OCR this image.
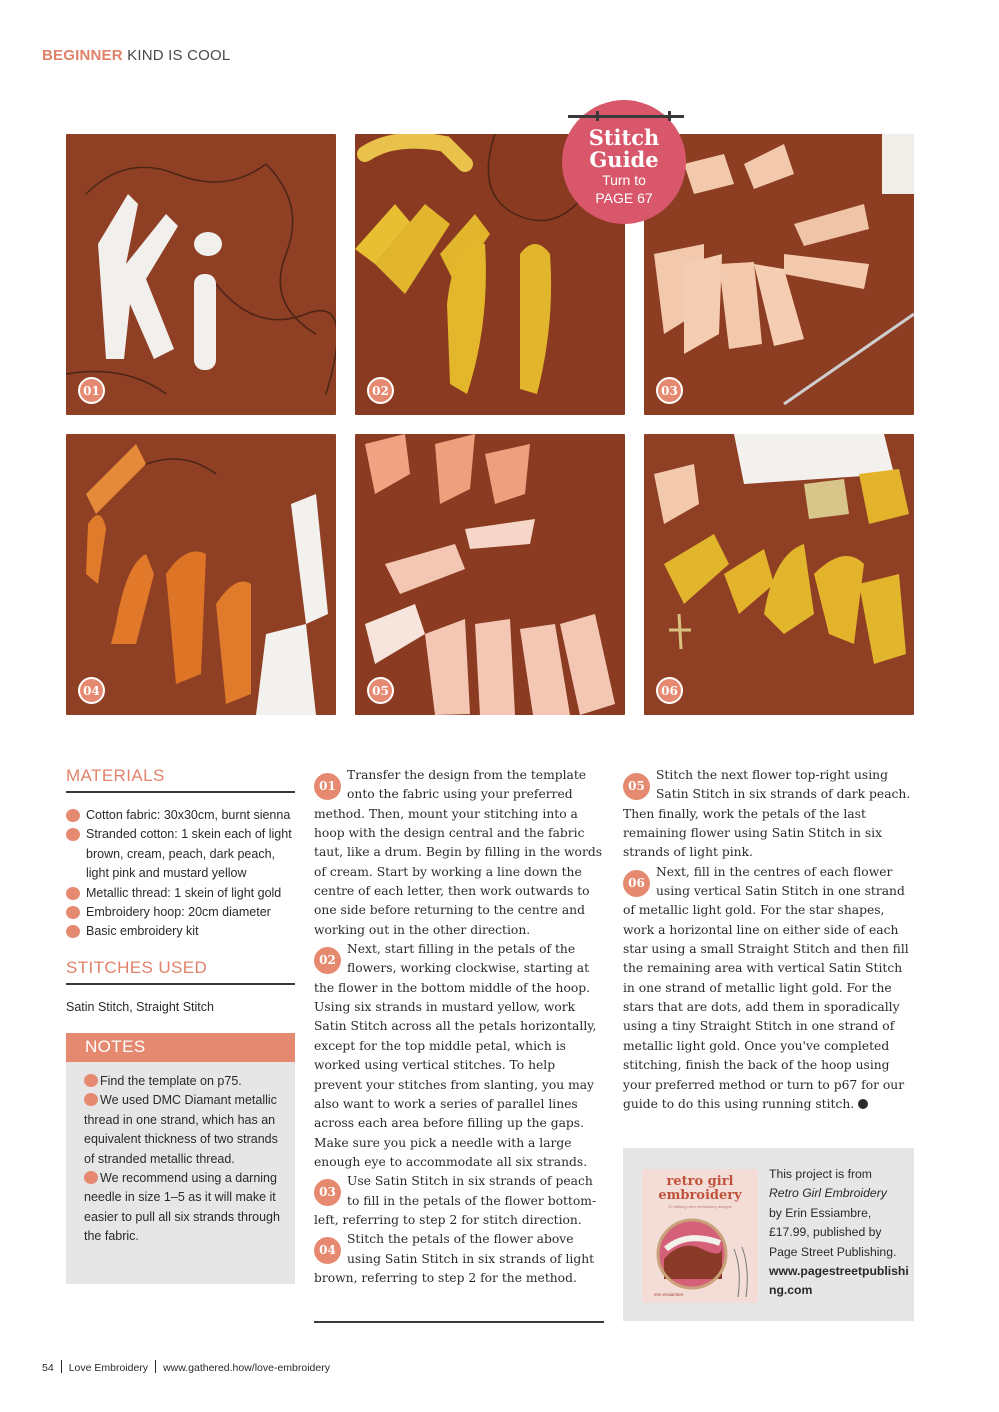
BEGINNER KIND IS COOL
01	02	03
04	05	06
Stitch
Guide
Turn to
PAGE 67
MATERIALS
Cotton fabric: 30x30cm, burnt sienna
Stranded cotton: 1 skein each of light brown, cream, peach, dark peach, light pink and mustard yellow
Metallic thread: 1 skein of light gold
Embroidery hoop: 20cm diameter
Basic embroidery kit
STITCHES USED
Satin Stitch, Straight Stitch
NOTES
Find the template on p75.
We used DMC Diamant metallic thread in one strand, which has an equivalent thickness of two strands of stranded metallic thread.
We recommend using a darning needle in size 1–5 as it will make it easier to pull all six strands through the fabric.

01
Transfer the design from the template onto the fabric using your preferred method. Then, mount your stitching into a hoop with the design central and the fabric taut, like a drum. Begin by filling in the words of cream. Start by working a line down the centre of each letter, then work outwards to one side before returning to the centre and working out in the other direction.

02
Next, start filling in the petals of the flowers, working clockwise, starting at the flower in the bottom middle of the hoop. Using six strands in mustard yellow, work Satin Stitch across all the petals horizontally, except for the top middle petal, which is worked using vertical stitches. To help prevent your stitches from slanting, you may also want to work a series of parallel lines across each area before filling up the gaps. Make sure you pick a needle with a large enough eye to accommodate all six strands.

03
Use Satin Stitch in six strands of peach to fill in the petals of the flower bottom-left, referring to step 2 for stitch direction.

04
Stitch the petals of the flower above using Satin Stitch in six strands of light brown, referring to step 2 for the method.

05
Stitch the next flower top-right using Satin Stitch in six strands of dark peach. Then finally, work the petals of the last remaining flower using Satin Stitch in six strands of light pink.

06
Next, fill in the centres of each flower using vertical Satin Stitch in one strand of metallic light gold. For the star shapes, work a horizontal line on either side of each star using a small Straight Stitch and then fill the remaining area with vertical Satin Stitch in one strand of metallic light gold. For the stars that are dots, add them in sporadically using a tiny Straight Stitch in one strand of metallic light gold. Once you've completed stitching, finish the back of the hoop using your preferred method or turn to p67 for our guide to do this using running stitch.

retro girl embroidery
20 striking retro embroidery designs
erin essiambre
This project is from
Retro Girl Embroidery
by Erin Essiambre, £17.99, published by Page Street Publishing.
www.pagestreetpublishing.com
54 Love Embroidery www.gathered.how/love-embroidery
